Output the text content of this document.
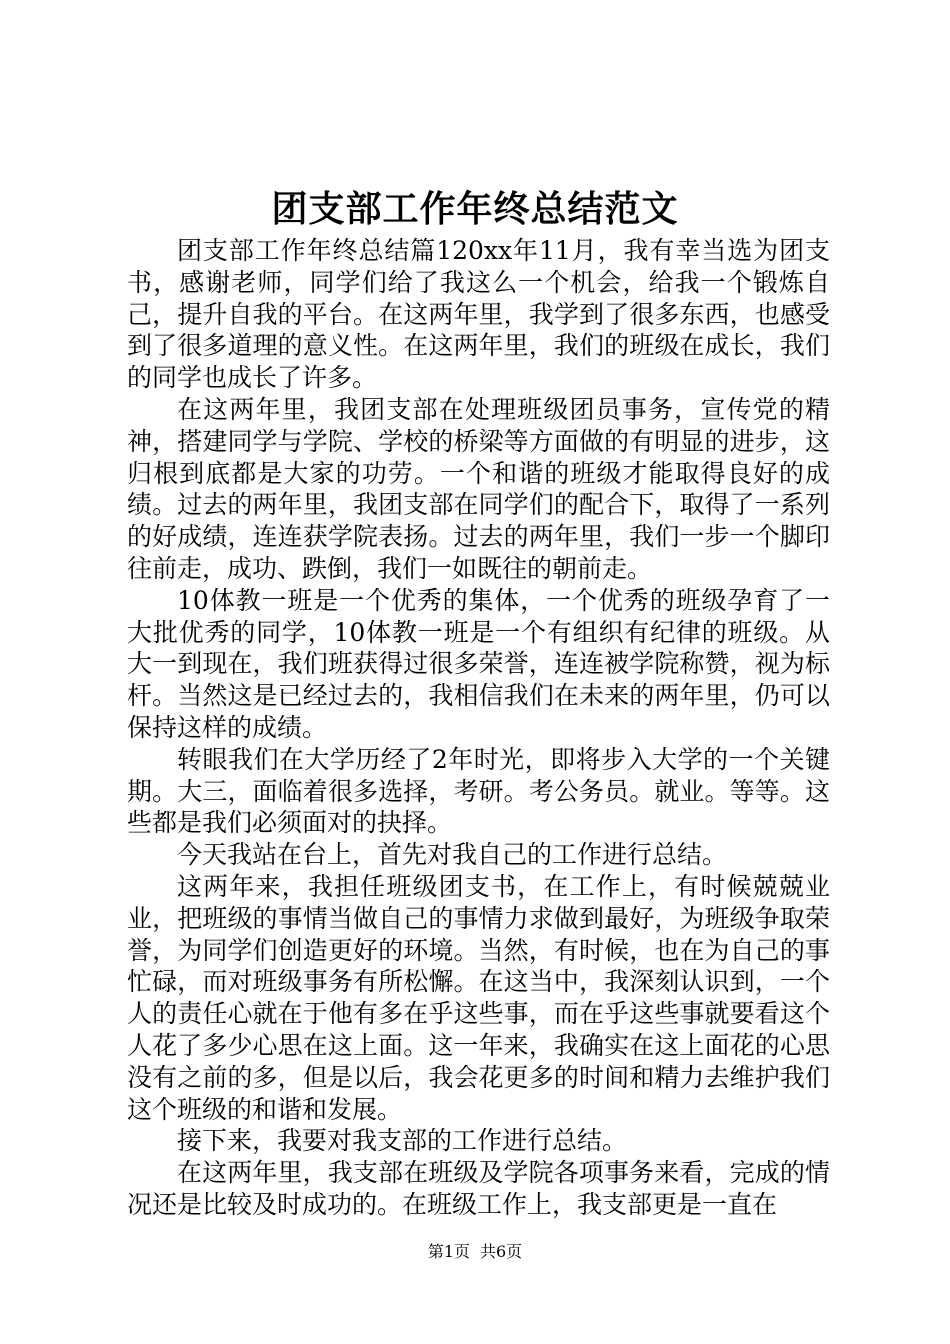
团支部工作年终总结范文

团支部工作年终总结篇120xx年11月，我有幸当选为团支书，感谢老师，同学们给了我这么一个机会，给我一个锻炼自己，提升自我的平台。在这两年里，我学到了很多东西，也感受到了很多道理的意义性。在这两年里，我们的班级在成长，我们的同学也成长了许多。

在这两年里，我团支部在处理班级团员事务，宣传党的精神，搭建同学与学院、学校的桥梁等方面做的有明显的进步，这归根到底都是大家的功劳。一个和谐的班级才能取得良好的成绩。过去的两年里，我团支部在同学们的配合下，取得了一系列的好成绩，连连获学院表扬。过去的两年里，我们一步一个脚印往前走，成功、跌倒，我们一如既往的朝前走。

10体教一班是一个优秀的集体，一个优秀的班级孕育了一大批优秀的同学，10体教一班是一个有组织有纪律的班级。从大一到现在，我们班获得过很多荣誉，连连被学院称赞，视为标杆。当然这是已经过去的，我相信我们在未来的两年里，仍可以保持这样的成绩。

转眼我们在大学历经了2年时光，即将步入大学的一个关键期。大三，面临着很多选择，考研。考公务员。就业。等等。这些都是我们必须面对的抉择。

今天我站在台上，首先对我自己的工作进行总结。

这两年来，我担任班级团支书，在工作上，有时候兢兢业业，把班级的事情当做自己的事情力求做到最好，为班级争取荣誉，为同学们创造更好的环境。当然，有时候，也在为自己的事忙碌，而对班级事务有所松懈。在这当中，我深刻认识到，一个人的责任心就在于他有多在乎这些事，而在乎这些事就要看这个人花了多少心思在这上面。这一年来，我确实在这上面花的心思没有之前的多，但是以后，我会花更多的时间和精力去维护我们这个班级的和谐和发展。

接下来，我要对我支部的工作进行总结。

在这两年里，我支部在班级及学院各项事务来看，完成的情况还是比较及时成功的。在班级工作上，我支部更是一直在

第1页 共6页
